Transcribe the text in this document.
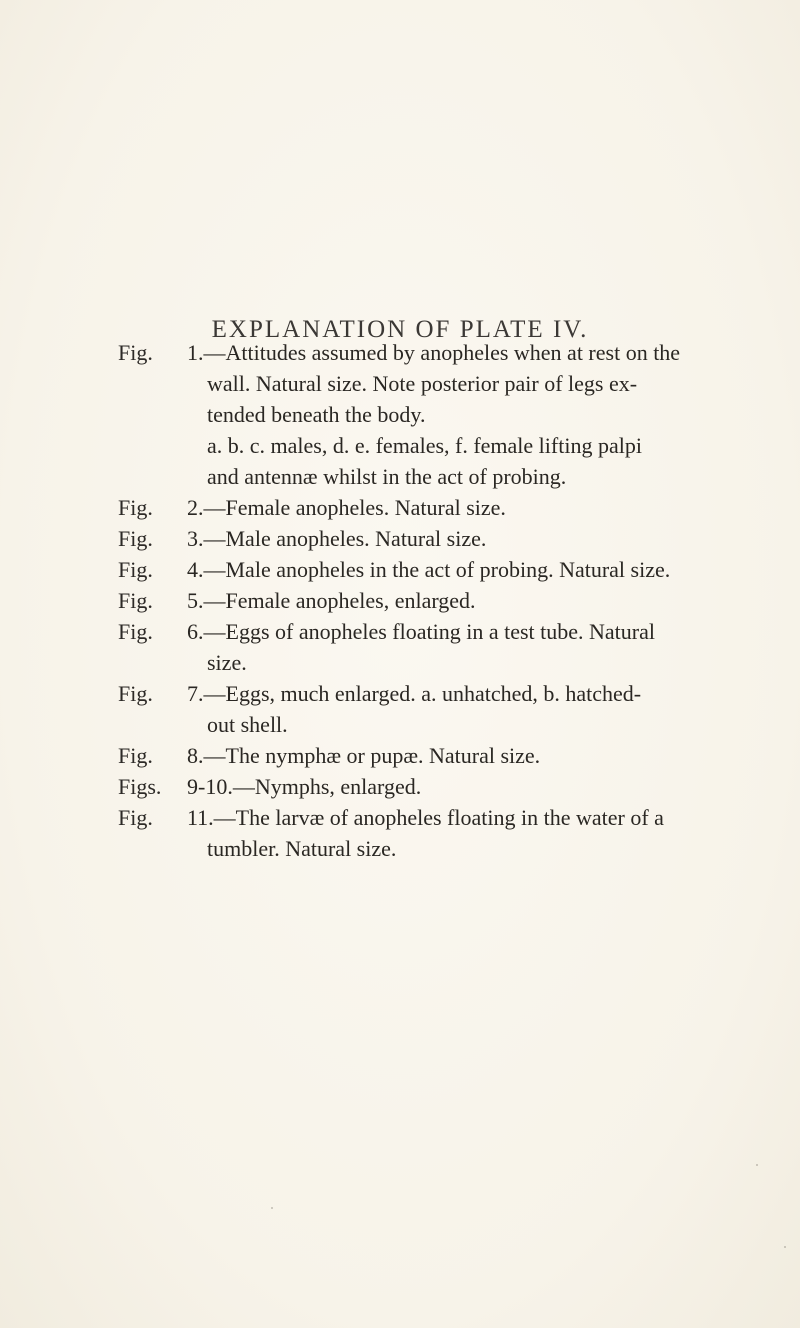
EXPLANATION OF PLATE IV.
Fig.	1.—Attitudes assumed by anopheles when at rest on the
wall. Natural size. Note posterior pair of legs ex-
tended beneath the body.
a. b. c. males, d. e. females, f. female lifting palpi
and antennæ whilst in the act of probing.
Fig.	2.—Female anopheles. Natural size.
Fig.	3.—Male anopheles. Natural size.
Fig.	4.—Male anopheles in the act of probing. Natural size.
Fig.	5.—Female anopheles, enlarged.
Fig.	6.—Eggs of anopheles floating in a test tube. Natural
size.
Fig.	7.—Eggs, much enlarged. a. unhatched, b. hatched-
out shell.
Fig.	8.—The nymphæ or pupæ. Natural size.
Figs.	9-10.—Nymphs, enlarged.
Fig.	11.—The larvæ of anopheles floating in the water of a
tumbler. Natural size.
